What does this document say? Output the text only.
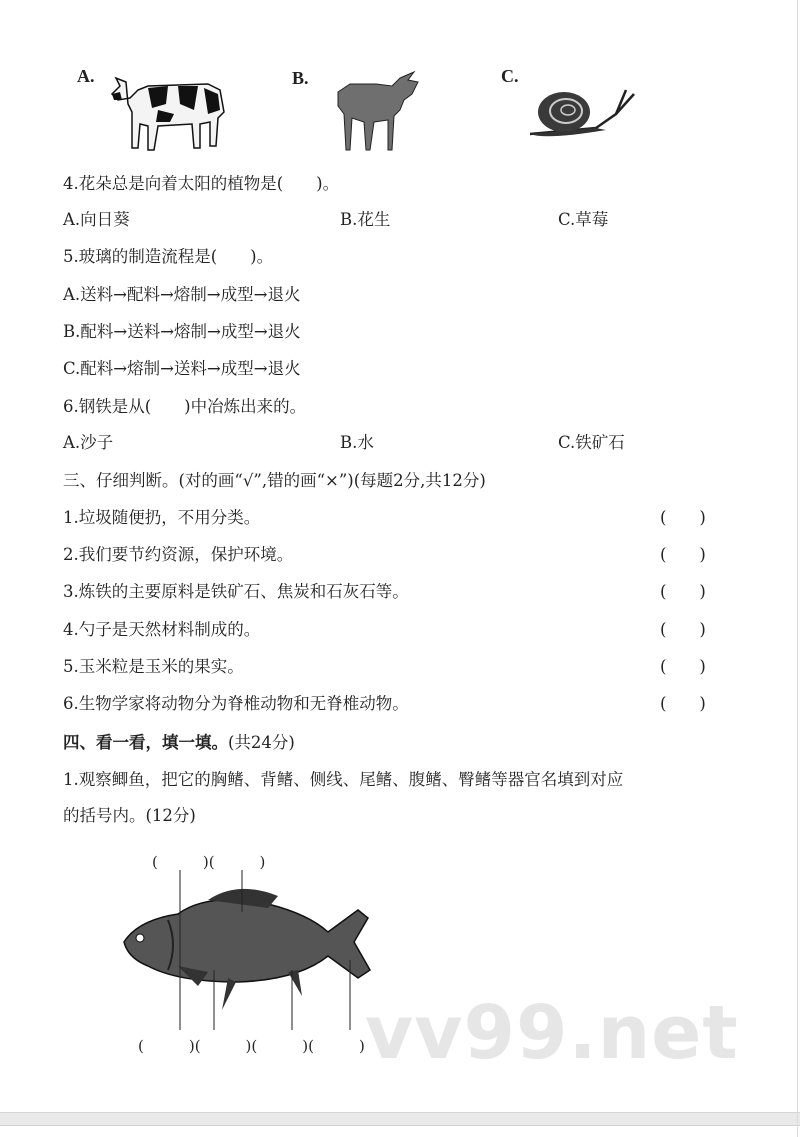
A.	B.	C.
4.花朵总是向着太阳的植物是(　　)。
A.向日葵	B.花生	C.草莓
5.玻璃的制造流程是(　　)。
A.送料→配料→熔制→成型→退火
B.配料→送料→熔制→成型→退火
C.配料→熔制→送料→成型→退火
6.钢铁是从(　　)中冶炼出来的。
A.沙子	B.水	C.铁矿石
三、仔细判断。(对的画“√”,错的画“×”)(每题2分,共12分)
1.垃圾随便扔，不用分类。	(　　)
2.我们要节约资源，保护环境。	(　　)
3.炼铁的主要原料是铁矿石、焦炭和石灰石等。	(　　)
4.勺子是天然材料制成的。	(　　)
5.玉米粒是玉米的果实。	(　　)
6.生物学家将动物分为脊椎动物和无脊椎动物。	(　　)
四、看一看，填一填。(共24分)
1.观察鲫鱼，把它的胸鳍、背鳍、侧线、尾鳍、腹鳍、臀鳍等器官名填到对应
的括号内。(12分)
(　　　)(　　　)
(　　　)(　　　)(　　　)(　　　) vv99.net
